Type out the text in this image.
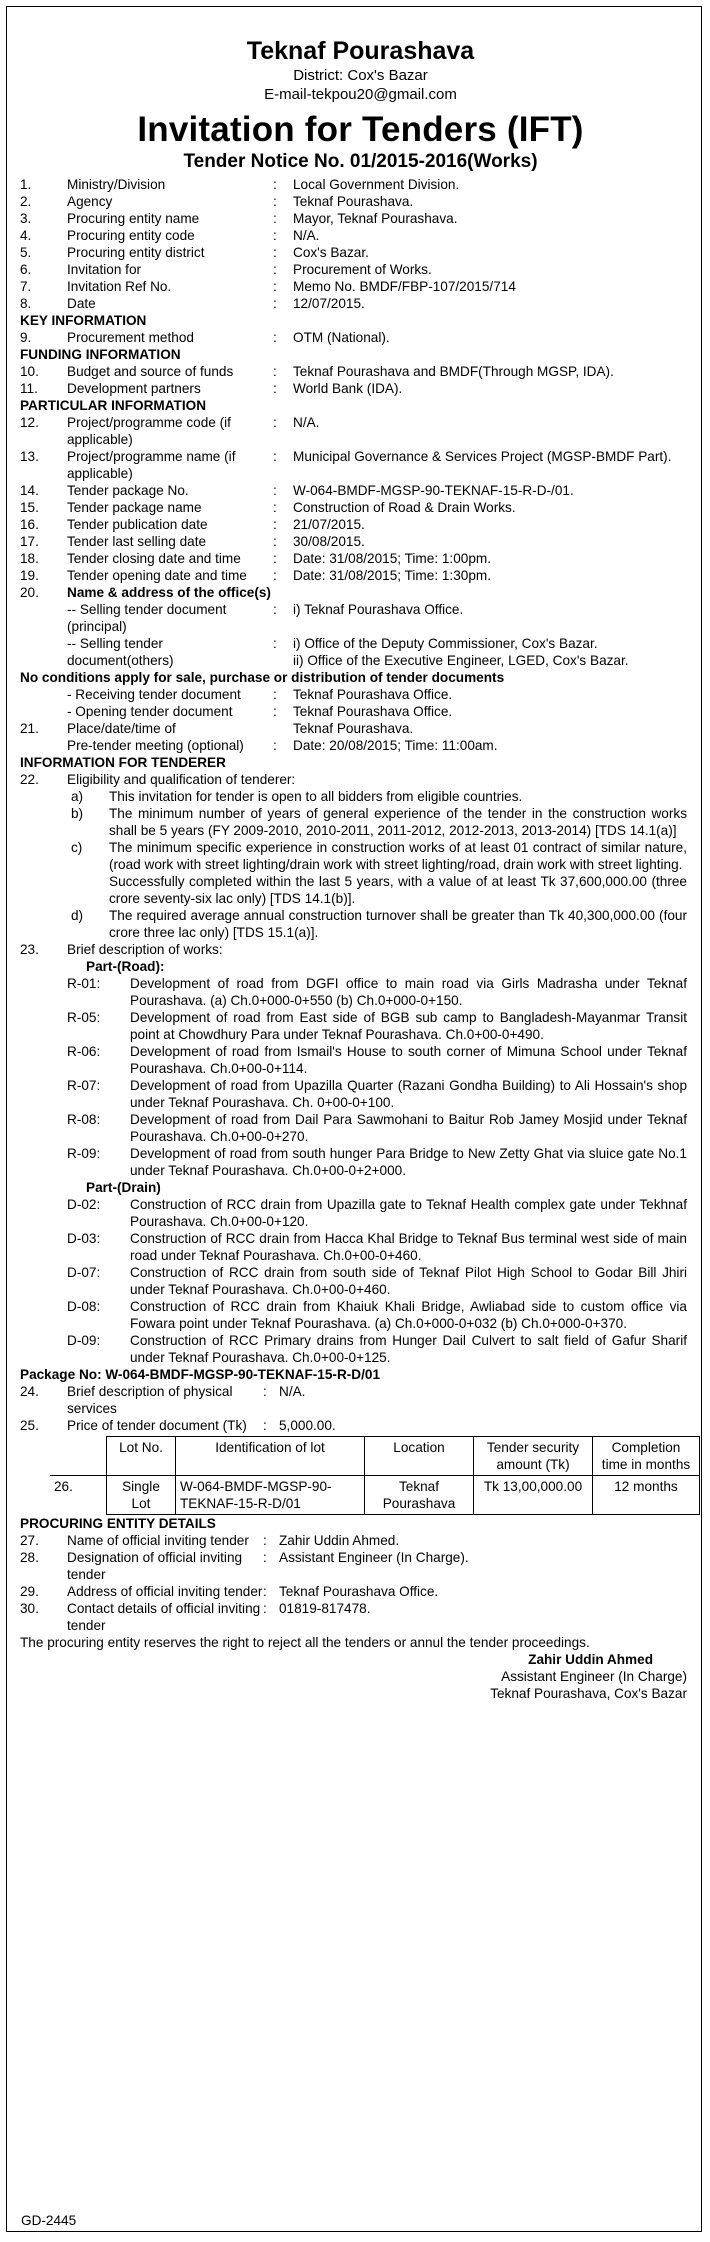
Teknaf Pourashava
District: Cox's Bazar
E-mail-tekpou20@gmail.com
Invitation for Tenders (IFT)
Tender Notice No. 01/2015-2016(Works)
1.	Ministry/Division	:	Local Government Division.
2.	Agency	:	Teknaf Pourashava.
3.	Procuring entity name	:	Mayor, Teknaf Pourashava.
4.	Procuring entity code	:	N/A.
5.	Procuring entity district	:	Cox's Bazar.
6.	Invitation for	:	Procurement of Works.
7.	Invitation Ref No.	:	Memo No. BMDF/FBP-107/2015/714
8.	Date	:	12/07/2015.
KEY INFORMATION
9.	Procurement method	:	OTM (National).
FUNDING INFORMATION
10.	Budget and source of funds	:	Teknaf Pourashava and BMDF(Through MGSP, IDA).
11.	Development partners	:	World Bank (IDA).
PARTICULAR INFORMATION
12.	Project/programme code (if applicable)
:	N/A.
13.	Project/programme name (if applicable)
:	Municipal Governance & Services Project (MGSP-BMDF Part).
14.	Tender package No.	:	W-064-BMDF-MGSP-90-TEKNAF-15-R-D-/01.
15.	Tender package name	:	Construction of Road & Drain Works.
16.	Tender publication date	:	21/07/2015.
17.	Tender last selling date	:	30/08/2015.
18.	Tender closing date and time	:	Date: 31/08/2015; Time: 1:00pm.
19.	Tender opening date and time	:	Date: 31/08/2015; Time: 1:30pm.
20.	Name & address of the office(s)
-- Selling tender document (principal)
:	i) Teknaf Pourashava Office.
-- Selling tender document(others)
:	i) Office of the Deputy Commissioner, Cox's Bazar.
ii) Office of the Executive Engineer, LGED, Cox's Bazar.
No conditions apply for sale, purchase or distribution of tender documents
- Receiving tender document	:	Teknaf Pourashava Office.
- Opening tender document	:	Teknaf Pourashava Office.
21.	Place/date/time of	Teknaf Pourashava.
Pre-tender meeting (optional)	:	Date: 20/08/2015; Time: 11:00am.
INFORMATION FOR TENDERER
22.	Eligibility and qualification of tenderer:
a)	This invitation for tender is open to all bidders from eligible countries.
b)	The minimum number of years of general experience of the tender in the construction works shall be 5 years (FY 2009-2010, 2010-2011, 2011-2012, 2012-2013, 2013-2014) [TDS 14.1(a)]
c)	The minimum specific experience in construction works of at least 01 contract of similar nature, (road work with street lighting/drain work with street lighting/road, drain work with street lighting.
Successfully completed within the last 5 years, with a value of at least Tk 37,600,000.00 (three crore seventy-six lac only) [TDS 14.1(b)].
d)	The required average annual construction turnover shall be greater than Tk 40,300,000.00 (four crore three lac only) [TDS 15.1(a)].
23.	Brief description of works:
Part-(Road):
R-01:	Development of road from DGFI office to main road via Girls Madrasha under Teknaf Pourashava. (a) Ch.0+000-0+550 (b) Ch.0+000-0+150.
R-05:	Development of road from East side of BGB sub camp to Bangladesh-Mayanmar Transit point at Chowdhury Para under Teknaf Pourashava. Ch.0+00-0+490.
R-06:	Development of road from Ismail's House to south corner of Mimuna School under Teknaf Pourashava. Ch.0+00-0+114.
R-07:	Development of road from Upazilla Quarter (Razani Gondha Building) to Ali Hossain's shop under Teknaf Pourashava. Ch. 0+00-0+100.
R-08:	Development of road from Dail Para Sawmohani to Baitur Rob Jamey Mosjid under Teknaf Pourashava. Ch.0+00-0+270.
R-09:	Development of road from south hunger Para Bridge to New Zetty Ghat via sluice gate No.1 under Teknaf Pourashava. Ch.0+00-0+2+000.
Part-(Drain)
D-02:	Construction of RCC drain from Upazilla gate to Teknaf Health complex gate under Tekhnaf Pourashava. Ch.0+00-0+120.
D-03:	Construction of RCC drain from Hacca Khal Bridge to Teknaf Bus terminal west side of main road under Teknaf Pourashava. Ch.0+00-0+460.
D-07:	Construction of RCC drain from south side of Teknaf Pilot High School to Godar Bill Jhiri under Teknaf Pourashava. Ch.0+00-0+460.
D-08:	Construction of RCC drain from Khaiuk Khali Bridge, Awliabad side to custom office via Fowara point under Teknaf Pourashava. (a) Ch.0+000-0+032 (b) Ch.0+000-0+370.
D-09:	Construction of RCC Primary drains from Hunger Dail Culvert to salt field of Gafur Sharif under Teknaf Pourashava. Ch.0+00-0+125.
Package No: W-064-BMDF-MGSP-90-TEKNAF-15-R-D/01
24.	Brief description of physical services
: N/A.
25.	Price of tender document (Tk)	: 5,000.00.
	Lot No.	Identification of lot	Location	Tender security amount (Tk)	Completion time in months
26.	Single Lot	W-064-BMDF-MGSP-90-TEKNAF-15-R-D/01	Teknaf Pourashava	Tk 13,00,000.00	12 months
PROCURING ENTITY DETAILS
27.	Name of official inviting tender	: Zahir Uddin Ahmed.
28.	Designation of official inviting tender
: Assistant Engineer (In Charge).
29.	Address of official inviting tender : Teknaf Pourashava Office.
30.	Contact details of official inviting tender
: 01819-817478.
The procuring entity reserves the right to reject all the tenders or annul the tender proceedings.
Zahir Uddin Ahmed
Assistant Engineer (In Charge)
Teknaf Pourashava, Cox's Bazar
GD-2445
